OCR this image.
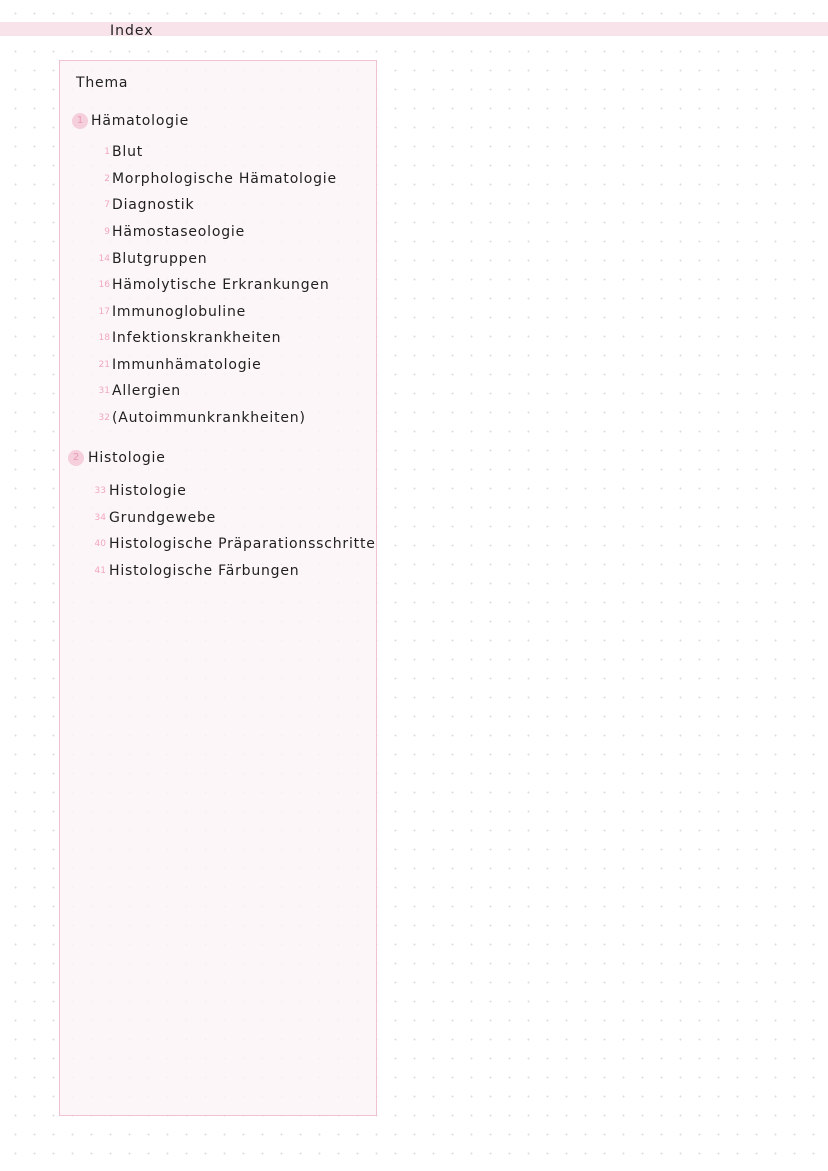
Index
Thema
1 Hämatologie
1 Blut
2 Morphologische Hämatologie
7 Diagnostik
9 Hämostaseologie
14 Blutgruppen
16 Hämolytische Erkrankungen
17 Immunoglobuline
18 Infektionskrankheiten
21 Immunhämatologie
31 Allergien
32 (Autoimmunkrankheiten)
2 Histologie
33 Histologie
34 Grundgewebe
40 Histologische Präparationsschritte
41 Histologische Färbungen
